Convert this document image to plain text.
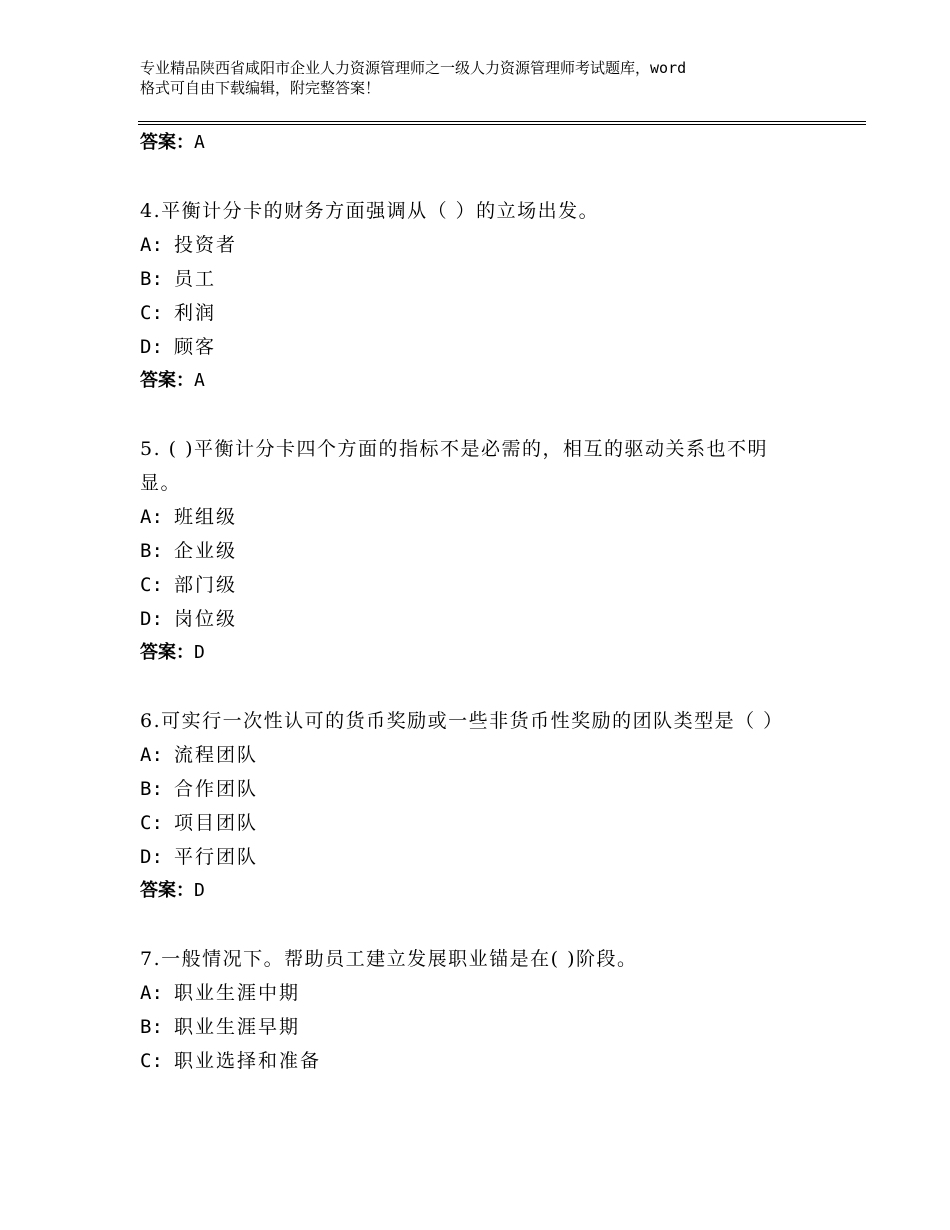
专业精品陕西省咸阳市企业人力资源管理师之一级人力资源管理师考试题库，word
格式可自由下载编辑，附完整答案！
答案：A
4.平衡计分卡的财务方面强调从（ ）的立场出发。
A: 投资者
B: 员工
C: 利润
D: 顾客
答案：A
5. ( )平衡计分卡四个方面的指标不是必需的，相互的驱动关系也不明显。
A: 班组级
B: 企业级
C: 部门级
D: 岗位级
答案：D
6.可实行一次性认可的货币奖励或一些非货币性奖励的团队类型是（ ）
A: 流程团队
B: 合作团队
C: 项目团队
D: 平行团队
答案：D
7.一般情况下。帮助员工建立发展职业锚是在( )阶段。
A: 职业生涯中期
B: 职业生涯早期
C: 职业选择和准备
